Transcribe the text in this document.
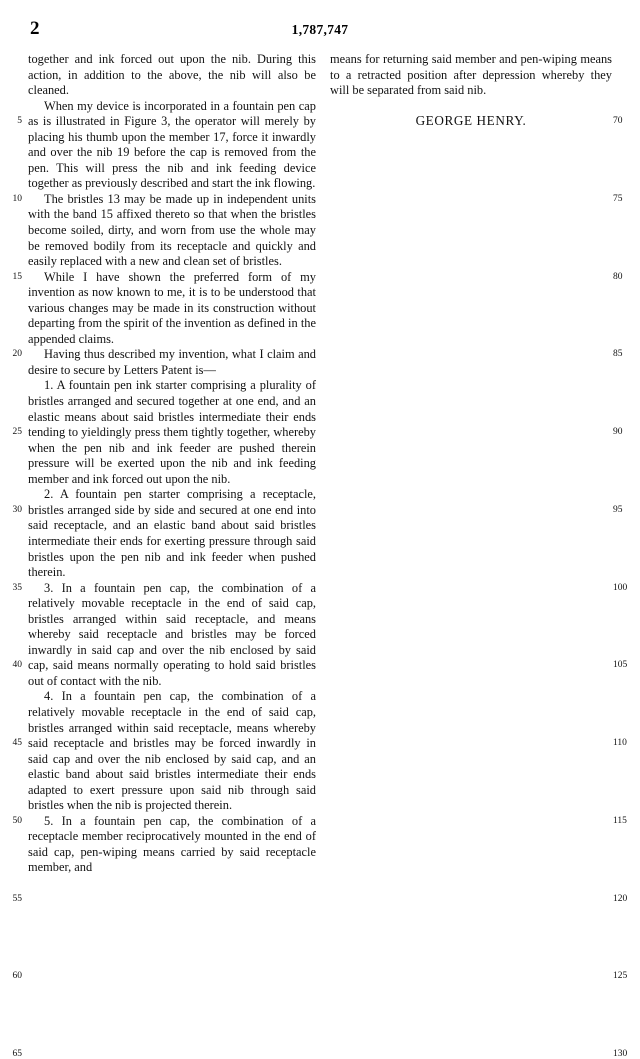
2	1,787,747

together and ink forced out upon the nib. During this action, in addition to the above, the nib will also be cleaned.

When my device is incorporated in a fountain pen cap as is illustrated in Figure 3, the operator will merely by placing his thumb upon the member 17, force it inwardly and over the nib 19 before the cap is removed from the pen. This will press the nib and ink feeding device together as previously described and start the ink flowing.

The bristles 13 may be made up in independent units with the band 15 affixed thereto so that when the bristles become soiled, dirty, and worn from use the whole may be removed bodily from its receptacle and quickly and easily replaced with a new and clean set of bristles.

While I have shown the preferred form of my invention as now known to me, it is to be understood that various changes may be made in its construction without departing from the spirit of the invention as defined in the appended claims.

Having thus described my invention, what I claim and desire to secure by Letters Patent is—

1. A fountain pen ink starter comprising a plurality of bristles arranged and secured together at one end, and an elastic means about said bristles intermediate their ends tending to yieldingly press them tightly together, whereby when the pen nib and ink feeder are pushed therein pressure will be exerted upon the nib and ink feeding member and ink forced out upon the nib.

2. A fountain pen starter comprising a receptacle, bristles arranged side by side and secured at one end into said receptacle, and an elastic band about said bristles intermediate their ends for exerting pressure through said bristles upon the pen nib and ink feeder when pushed therein.

3. In a fountain pen cap, the combination of a relatively movable receptacle in the end of said cap, bristles arranged within said receptacle, and means whereby said receptacle and bristles may be forced inwardly in said cap and over the nib enclosed by said cap, said means normally operating to hold said bristles out of contact with the nib.

4. In a fountain pen cap, the combination of a relatively movable receptacle in the end of said cap, bristles arranged within said receptacle, means whereby said receptacle and bristles may be forced inwardly in said cap and over the nib enclosed by said cap, and an elastic band about said bristles intermediate their ends adapted to exert pressure upon said nib through said bristles when the nib is projected therein.

5. In a fountain pen cap, the combination of a receptacle member reciprocatively mounted in the end of said cap, pen-wiping means carried by said receptacle member, and

means for returning said member and pen-wiping means to a retracted position after depression whereby they will be separated from said nib.

GEORGE HENRY.
5
10
15
20
25
30
35
40
45
50
55
60
65
70
75
80
85
90
95
100
105
110
115
120
125
130
